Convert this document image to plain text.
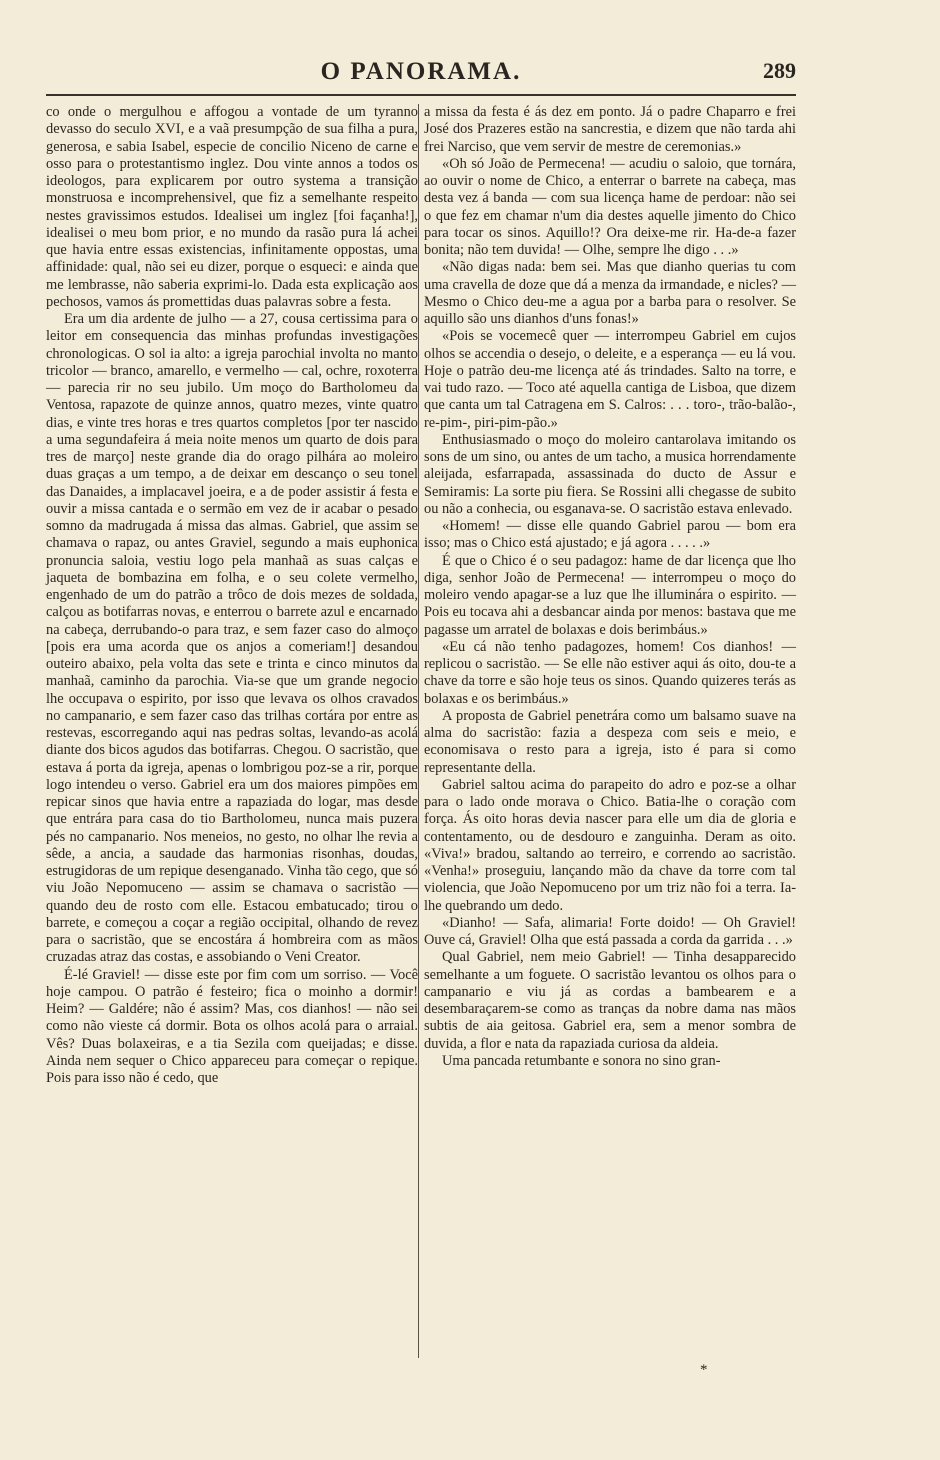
O PANORAMA.	289

co onde o mergulhou e affogou a vontade de um tyranno devasso do seculo XVI, e a vaã presumpção de sua filha a pura, generosa, e sabia Isabel, especie de concilio Niceno de carne e osso para o protestantismo inglez. Dou vinte annos a todos os ideologos, para explicarem por outro systema a transição monstruosa e incomprehensivel, que fiz a semelhante respeito nestes gravissimos estudos. Idealisei um inglez [foi façanha!], idealisei o meu bom prior, e no mundo da rasão pura lá achei que havia entre essas existencias, infinitamente oppostas, uma affinidade: qual, não sei eu dizer, porque o esqueci: e ainda que me lembrasse, não saberia exprimi-lo. Dada esta explicação aos pechosos, vamos ás promettidas duas palavras sobre a festa.

Era um dia ardente de julho — a 27, cousa certissima para o leitor em consequencia das minhas profundas investigações chronologicas. O sol ia alto: a igreja parochial involta no manto tricolor — branco, amarello, e vermelho — cal, ochre, roxoterra — parecia rir no seu jubilo. Um moço do Bartholomeu da Ventosa, rapazote de quinze annos, quatro mezes, vinte quatro dias, e vinte tres horas e tres quartos completos [por ter nascido a uma segundafeira á meia noite menos um quarto de dois para tres de março] neste grande dia do orago pilhára ao moleiro duas graças a um tempo, a de deixar em descanço o seu tonel das Danaides, a implacavel joeira, e a de poder assistir á festa e ouvir a missa cantada e o sermão em vez de ir acabar o pesado somno da madrugada á missa das almas. Gabriel, que assim se chamava o rapaz, ou antes Graviel, segundo a mais euphonica pronuncia saloia, vestiu logo pela manhaã as suas calças e jaqueta de bombazina em folha, e o seu colete vermelho, engenhado de um do patrão a trôco de dois mezes de soldada, calçou as botifarras novas, e enterrou o barrete azul e encarnado na cabeça, derrubando-o para traz, e sem fazer caso do almoço [pois era uma acorda que os anjos a comeriam!] desandou outeiro abaixo, pela volta das sete e trinta e cinco minutos da manhaã, caminho da parochia. Via-se que um grande negocio lhe occupava o espirito, por isso que levava os olhos cravados no campanario, e sem fazer caso das trilhas cortára por entre as restevas, escorregando aqui nas pedras soltas, levando-as acolá diante dos bicos agudos das botifarras. Chegou. O sacristão, que estava á porta da igreja, apenas o lombrigou poz-se a rir, porque logo intendeu o verso. Gabriel era um dos maiores pimpões em repicar sinos que havia entre a rapaziada do logar, mas desde que entrára para casa do tio Bartholomeu, nunca mais puzera pés no campanario. Nos meneios, no gesto, no olhar lhe revia a sêde, a ancia, a saudade das harmonias risonhas, doudas, estrugidoras de um repique desenganado. Vinha tão cego, que só viu João Nepomuceno — assim se chamava o sacristão — quando deu de rosto com elle. Estacou embatucado; tirou o barrete, e começou a coçar a região occipital, olhando de revez para o sacristão, que se encostára á hombreira com as mãos cruzadas atraz das costas, e assobiando o Veni Creator.

É-lé Graviel! — disse este por fim com um sorriso. — Você hoje campou. O patrão é festeiro; fica o moinho a dormir! Heim? — Galdére; não é assim? Mas, cos dianhos! — não sei como não vieste cá dormir. Bota os olhos acolá para o arraial. Vês? Duas bolaxeiras, e a tia Sezila com queijadas; e disse. Ainda nem sequer o Chico appareceu para começar o repique. Pois para isso não é cedo, que

a missa da festa é ás dez em ponto. Já o padre Chaparro e frei José dos Prazeres estão na sancrestia, e dizem que não tarda ahi frei Narciso, que vem servir de mestre de ceremonias.»

«Oh só João de Permecena! — acudiu o saloio, que tornára, ao ouvir o nome de Chico, a enterrar o barrete na cabeça, mas desta vez á banda — com sua licença hame de perdoar: não sei o que fez em chamar n'um dia destes aquelle jimento do Chico para tocar os sinos. Aquillo!? Ora deixe-me rir. Ha-de-a fazer bonita; não tem duvida! — Olhe, sempre lhe digo . . .»

«Não digas nada: bem sei. Mas que dianho querias tu com uma cravella de doze que dá a menza da irmandade, e nicles? — Mesmo o Chico deu-me a agua por a barba para o resolver. Se aquillo são uns dianhos d'uns fonas!»

«Pois se vocemecê quer — interrompeu Gabriel em cujos olhos se accendia o desejo, o deleite, e a esperança — eu lá vou. Hoje o patrão deu-me licença até ás trindades. Salto na torre, e vai tudo razo. — Toco até aquella cantiga de Lisboa, que dizem que canta um tal Catragena em S. Calros: . . . toro-, trão-balão-, re-pim-, piri-pim-pão.»

Enthusiasmado o moço do moleiro cantarolava imitando os sons de um sino, ou antes de um tacho, a musica horrendamente aleijada, esfarrapada, assassinada do ducto de Assur e Semiramis: La sorte piu fiera. Se Rossini alli chegasse de subito ou não a conhecia, ou esganava-se. O sacristão estava enlevado.

«Homem! — disse elle quando Gabriel parou — bom era isso; mas o Chico está ajustado; e já agora . . . . .»

É que o Chico é o seu padagoz: hame de dar licença que lho diga, senhor João de Permecena! — interrompeu o moço do moleiro vendo apagar-se a luz que lhe illuminára o espirito. — Pois eu tocava ahi a desbancar ainda por menos: bastava que me pagasse um arratel de bolaxas e dois berimbáus.»

«Eu cá não tenho padagozes, homem! Cos dianhos! — replicou o sacristão. — Se elle não estiver aqui ás oito, dou-te a chave da torre e são hoje teus os sinos. Quando quizeres terás as bolaxas e os berimbáus.»

A proposta de Gabriel penetrára como um balsamo suave na alma do sacristão: fazia a despeza com seis e meio, e economisava o resto para a igreja, isto é para si como representante della.

Gabriel saltou acima do parapeito do adro e poz-se a olhar para o lado onde morava o Chico. Batia-lhe o coração com força. Ás oito horas devia nascer para elle um dia de gloria e contentamento, ou de desdouro e zanguinha. Deram as oito. «Viva!» bradou, saltando ao terreiro, e correndo ao sacristão. «Venha!» proseguiu, lançando mão da chave da torre com tal violencia, que João Nepomuceno por um triz não foi a terra. Ia-lhe quebrando um dedo.

«Dianho! — Safa, alimaria! Forte doido! — Oh Graviel! Ouve cá, Graviel! Olha que está passada a corda da garrida . . .»

Qual Gabriel, nem meio Gabriel! — Tinha desapparecido semelhante a um foguete. O sacristão levantou os olhos para o campanario e viu já as cordas a bambearem e a desembaraçarem-se como as tranças da nobre dama nas mãos subtis de aia geitosa. Gabriel era, sem a menor sombra de duvida, a flor e nata da rapaziada curiosa da aldeia.

Uma pancada retumbante e sonora no sino gran-

*
